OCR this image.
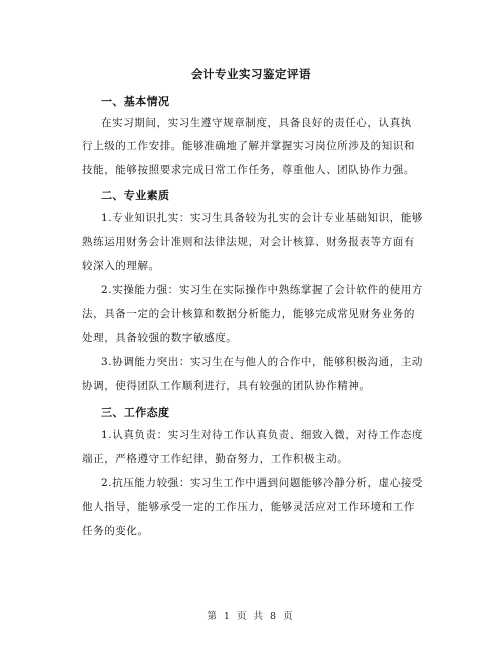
会计专业实习鉴定评语
一、基本情况
在实习期间，实习生遵守规章制度，具备良好的责任心，认真执
行上级的工作安排。能够准确地了解并掌握实习岗位所涉及的知识和
技能，能够按照要求完成日常工作任务，尊重他人、团队协作力强。
二、专业素质
1.专业知识扎实：实习生具备较为扎实的会计专业基础知识，能够
熟练运用财务会计准则和法律法规，对会计核算、财务报表等方面有
较深入的理解。
2.实操能力强：实习生在实际操作中熟练掌握了会计软件的使用方
法，具备一定的会计核算和数据分析能力，能够完成常见财务业务的
处理，具备较强的数字敏感度。
3.协调能力突出：实习生在与他人的合作中，能够积极沟通，主动
协调，使得团队工作顺利进行，具有较强的团队协作精神。
三、工作态度
1.认真负责：实习生对待工作认真负责、细致入微，对待工作态度
端正，严格遵守工作纪律，勤奋努力，工作积极主动。
2.抗压能力较强：实习生工作中遇到问题能够冷静分析，虚心接受
他人指导，能够承受一定的工作压力，能够灵活应对工作环境和工作
任务的变化。
第 1 页 共 8 页
